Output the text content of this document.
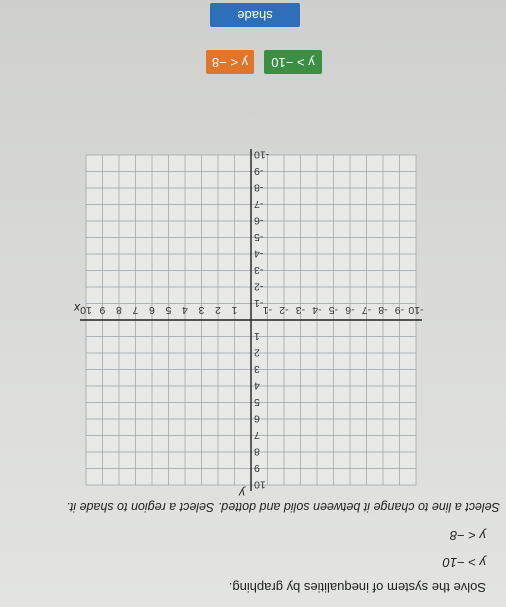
Solve the system of inequalities by graphing.
y > −10
y < −8
Select a line to change it between solid and dotted. Select a region to shade it.
x
y
-10
-9
-8
-7
-6
-5
-4
-3
-2
-1
1
2
3
4
5
6
7
8
9
10
10
9
8
7
6
5
4
3
2
1
-1
-2
-3
-4
-5
-6
-7
-8
-9
-10
y > −10
y < −8
shade
